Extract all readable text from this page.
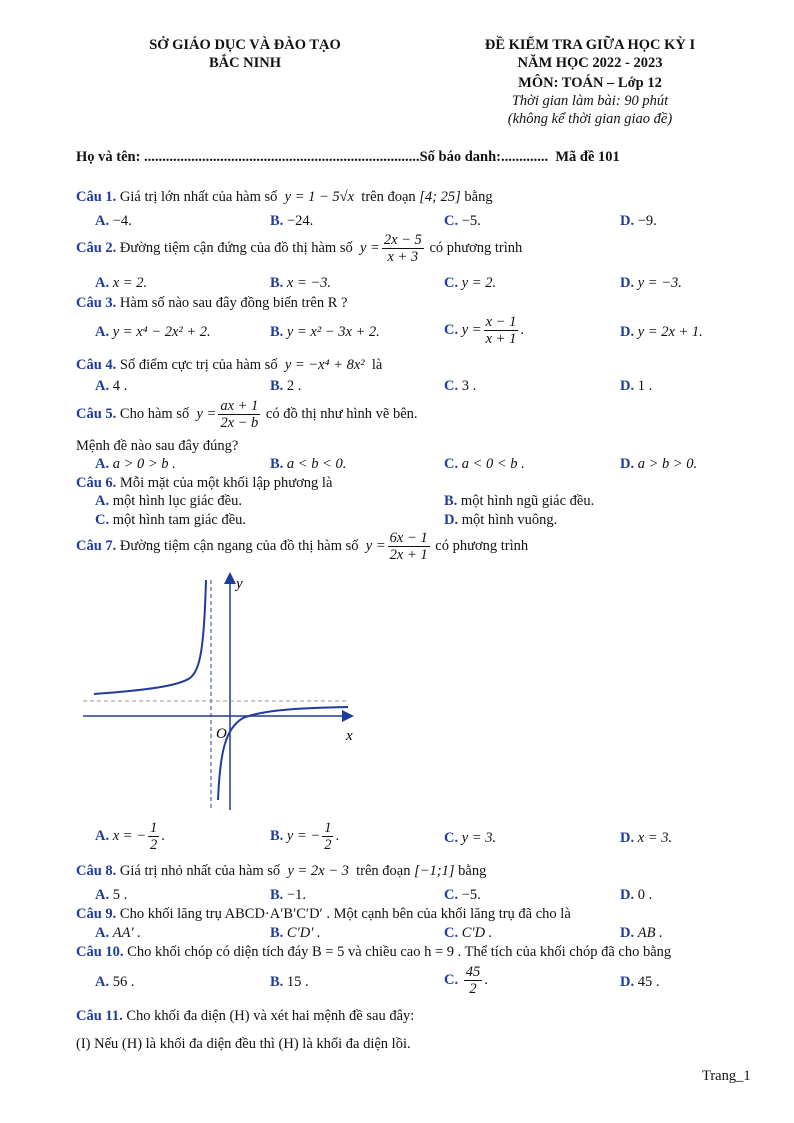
SỞ GIÁO DỤC VÀ ĐÀO TẠO
BẮC NINH
ĐỀ KIỂM TRA GIỮA HỌC KỲ I
NĂM HỌC 2022 - 2023
MÔN: TOÁN – Lớp 12
Thời gian làm bài: 90 phút
(không kể thời gian giao đề)
Họ và tên: ............................................................................Số báo danh:............. Mã đề 101
Câu 1. Giá trị lớn nhất của hàm số y = 1 − 5√x trên đoạn [4; 25] bằng
A. −4.	B. −24.	C. −5.	D. −9.
Câu 2. Đường tiệm cận đứng của đồ thị hàm số $y = \frac{2x - 5}{x + 3}$ có phương trình
A. x = 2.	B. x = −3.	C. y = 2.	D. y = −3.
Câu 3. Hàm số nào sau đây đồng biến trên R ?
A. y = x⁴ − 2x² + 2.	B. y = x² − 3x + 2.	C. $y = \frac{x - 1}{x + 1}$ .	D. y = 2x + 1.
Câu 4. Số điểm cực trị của hàm số y = −x⁴ + 8x² là
A. 4 .	B. 2 .	C. 3 .	D. 1 .
Câu 5. Cho hàm số $y = \frac{ax + 1}{2x - b}$ có đồ thị như hình vẽ bên.
Mệnh đề nào sau đây đúng?
A. a > 0 > b .	B. a < b < 0.	C. a < 0 < b .	D. a > b > 0.
Câu 6. Mỗi mặt của một khối lập phương là
A. một hình lục giác đều.	B. một hình ngũ giác đều.
C. một hình tam giác đều.	D. một hình vuông.
Câu 7. Đường tiệm cận ngang của đồ thị hàm số $y = \frac{6x - 1}{2x + 1}$ có phương trình
y
x
O
A. x = − $\frac{1}{2}$ .	B. y = − $\frac{1}{2}$ .	C. y = 3.	D. x = 3.
Câu 8. Giá trị nhỏ nhất của hàm số y = 2x − 3 trên đoạn [−1;1] bằng
A. 5 .	B. −1.	C. −5.	D. 0 .
Câu 9. Cho khối lăng trụ ABCD·A′B′C′D′ . Một cạnh bên của khối lăng trụ đã cho là
A. AA′ .	B. C′D′ .	C. C′D .	D. AB .
Câu 10. Cho khối chóp có diện tích đáy B = 5 và chiều cao h = 9 . Thể tích của khối chóp đã cho bằng
A. 56 .	B. 15 .	C. $\frac{45}{2}$ .	D. 45 .
Câu 11. Cho khối đa diện (H) và xét hai mệnh đề sau đây:
(I) Nếu (H) là khối đa diện đều thì (H) là khối đa diện lồi.
Trang_1
